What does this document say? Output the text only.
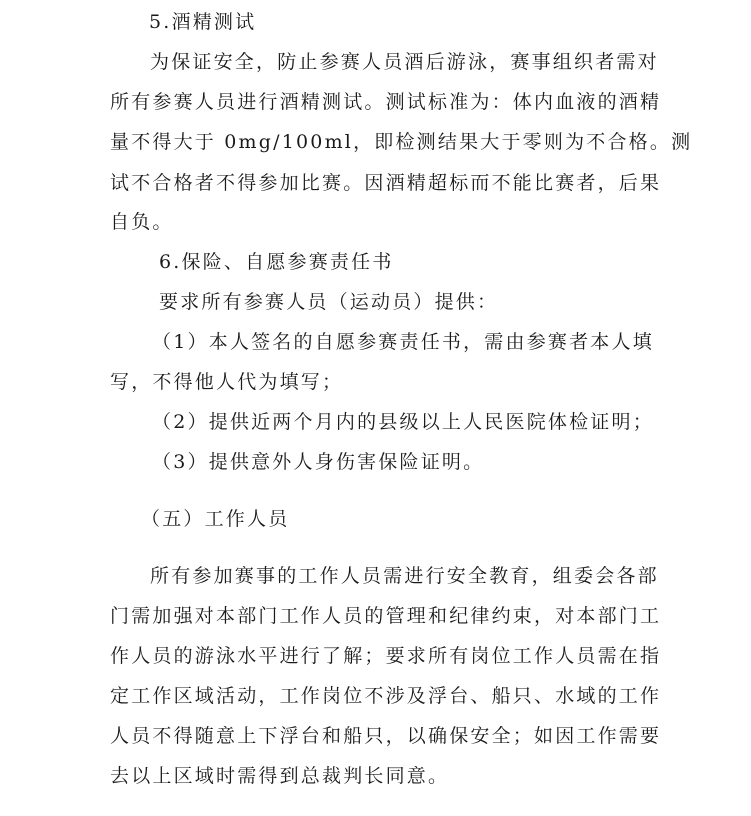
5.酒精测试
为保证安全，防止参赛人员酒后游泳，赛事组织者需对
所有参赛人员进行酒精测试。测试标准为：体内血液的酒精
量不得大于 0mg/100ml，即检测结果大于零则为不合格。测
试不合格者不得参加比赛。因酒精超标而不能比赛者，后果
自负。
6.保险、自愿参赛责任书
要求所有参赛人员（运动员）提供：
（1）本人签名的自愿参赛责任书，需由参赛者本人填
写，不得他人代为填写；
（2）提供近两个月内的县级以上人民医院体检证明；
（3）提供意外人身伤害保险证明。
（五）工作人员
所有参加赛事的工作人员需进行安全教育，组委会各部
门需加强对本部门工作人员的管理和纪律约束，对本部门工
作人员的游泳水平进行了解；要求所有岗位工作人员需在指
定工作区域活动，工作岗位不涉及浮台、船只、水域的工作
人员不得随意上下浮台和船只，以确保安全；如因工作需要
去以上区域时需得到总裁判长同意。
